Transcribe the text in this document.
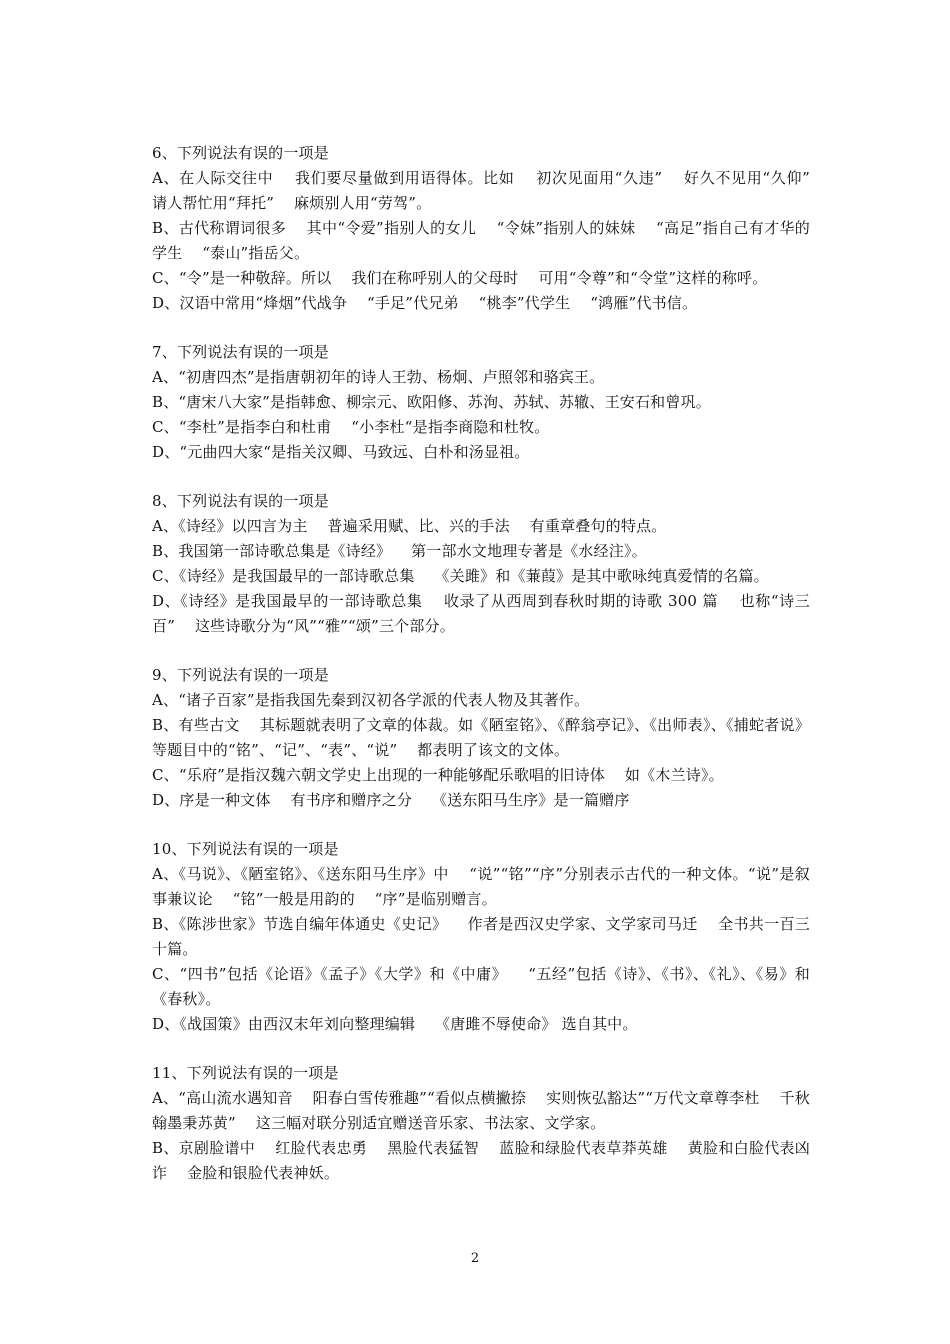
6、下列说法有误的一项是

A、在人际交往中    我们要尽量做到用语得体。比如    初次见面用“久违”    好久不见用“久仰”    请人帮忙用“拜托”    麻烦别人用“劳驾”。

B、古代称谓词很多    其中“令爱”指别人的女儿    “令妹”指别人的妹妹    “高足”指自己有才华的学生    “泰山”指岳父。

C、“令”是一种敬辞。所以    我们在称呼别人的父母时    可用“令尊”和“令堂”这样的称呼。

D、汉语中常用“烽烟”代战争    “手足”代兄弟    “桃李”代学生    “鸿雁”代书信。

7、下列说法有误的一项是

A、“初唐四杰”是指唐朝初年的诗人王勃、杨炯、卢照邻和骆宾王。

B、“唐宋八大家”是指韩愈、柳宗元、欧阳修、苏洵、苏轼、苏辙、王安石和曾巩。

C、“李杜”是指李白和杜甫    “小李杜“是指李商隐和杜牧。

D、“元曲四大家“是指关汉卿、马致远、白朴和汤显祖。

8、下列说法有误的一项是

A、《诗经》以四言为主    普遍采用赋、比、兴的手法    有重章叠句的特点。

B、我国第一部诗歌总集是《诗经》    第一部水文地理专著是《水经注》。

C、《诗经》是我国最早的一部诗歌总集    《关雎》和《蒹葭》是其中歌咏纯真爱情的名篇。

D、《诗经》是我国最早的一部诗歌总集    收录了从西周到春秋时期的诗歌 300 篇    也称“诗三百”    这些诗歌分为“风”“雅”“颂”三个部分。

9、下列说法有误的一项是

A、“诸子百家”是指我国先秦到汉初各学派的代表人物及其著作。

B、有些古文    其标题就表明了文章的体裁。如《陋室铭》、《醉翁亭记》、《出师表》、《捕蛇者说》等题目中的“铭”、“记”、“表”、“说”    都表明了该文的文体。

C、“乐府”是指汉魏六朝文学史上出现的一种能够配乐歌唱的旧诗体    如《木兰诗》。

D、序是一种文体    有书序和赠序之分    《送东阳马生序》是一篇赠序

10、下列说法有误的一项是

A、《马说》、《陋室铭》、《送东阳马生序》中    “说”“铭”“序”分别表示古代的一种文体。“说”是叙事兼议论    “铭”一般是用韵的    “序”是临别赠言。

B、《陈涉世家》节选自编年体通史《史记》    作者是西汉史学家、文学家司马迁    全书共一百三十篇。

C、“四书”包括《论语》《孟子》《大学》和《中庸》    “五经”包括《诗》、《书》、《礼》、《易》和《春秋》。

D、《战国策》由西汉末年刘向整理编辑    《唐雎不辱使命》 选自其中。

11、下列说法有误的一项是

A、“高山流水遇知音    阳春白雪传雅趣”“看似点横撇捺    实则恢弘豁达”“万代文章尊李杜    千秋翰墨秉苏黄”    这三幅对联分别适宜赠送音乐家、书法家、文学家。

B、京剧脸谱中    红脸代表忠勇    黑脸代表猛智    蓝脸和绿脸代表草莽英雄    黄脸和白脸代表凶诈    金脸和银脸代表神妖。

2
